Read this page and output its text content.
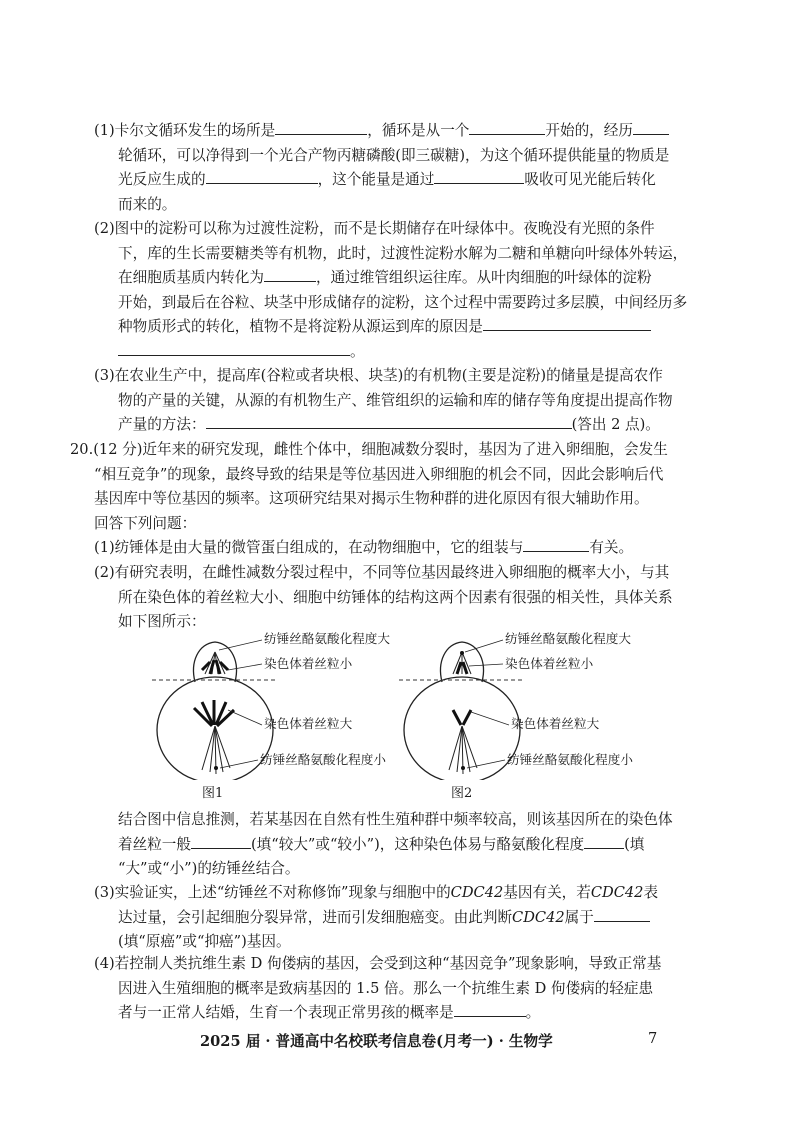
(1)卡尔文循环发生的场所是	，循环是从一个	开始的，经历
轮循环，可以净得到一个光合产物丙糖磷酸(即三碳糖)，为这个循环提供能量的物质是
光反应生成的	，这个能量是通过	吸收可见光能后转化
而来的。
(2)图中的淀粉可以称为过渡性淀粉，而不是长期储存在叶绿体中。夜晚没有光照的条件
下，库的生长需要糖类等有机物，此时，过渡性淀粉水解为二糖和单糖向叶绿体外转运，
在细胞质基质内转化为	，通过维管组织运往库。从叶肉细胞的叶绿体的淀粉
开始，到最后在谷粒、块茎中形成储存的淀粉，这个过程中需要跨过多层膜，中间经历多
种物质形式的转化，植物不是将淀粉从源运到库的原因是
。
(3)在农业生产中，提高库(谷粒或者块根、块茎)的有机物(主要是淀粉)的储量是提高农作
物的产量的关键，从源的有机物生产、维管组织的运输和库的储存等角度提出提高作物
产量的方法：	(答出 2 点)。
20.(12 分)近年来的研究发现，雌性个体中，细胞减数分裂时，基因为了进入卵细胞，会发生
“相互竞争”的现象，最终导致的结果是等位基因进入卵细胞的机会不同，因此会影响后代
基因库中等位基因的频率。这项研究结果对揭示生物种群的进化原因有很大辅助作用。
回答下列问题：
(1)纺锤体是由大量的微管蛋白组成的，在动物细胞中，它的组装与	有关。
(2)有研究表明，在雌性减数分裂过程中，不同等位基因最终进入卵细胞的概率大小，与其
所在染色体的着丝粒大小、细胞中纺锤体的结构这两个因素有很强的相关性，具体关系
如下图所示：
纺锤丝酪氨酸化程度大
染色体着丝粒小
染色体着丝粒大
纺锤丝酪氨酸化程度小
图1
纺锤丝酪氨酸化程度大
染色体着丝粒小
染色体着丝粒大
纺锤丝酪氨酸化程度小
图2
结合图中信息推测，若某基因在自然有性生殖种群中频率较高，则该基因所在的染色体
着丝粒一般	(填“较大”或“较小”)，这种染色体易与酪氨酸化程度	(填
“大”或“小”)的纺锤丝结合。
(3)实验证实，上述“纺锤丝不对称修饰”现象与细胞中的CDC42基因有关，若CDC42表
达过量，会引起细胞分裂异常，进而引发细胞癌变。由此判断CDC42属于
(填“原癌”或“抑癌”)基因。
(4)若控制人类抗维生素 D 佝偻病的基因，会受到这种“基因竞争”现象影响，导致正常基
因进入生殖细胞的概率是致病基因的 1.5 倍。那么一个抗维生素 D 佝偻病的轻症患
者与一正常人结婚，生育一个表现正常男孩的概率是	。
2025 届 · 普通高中名校联考信息卷(月考一) · 生物学	7
